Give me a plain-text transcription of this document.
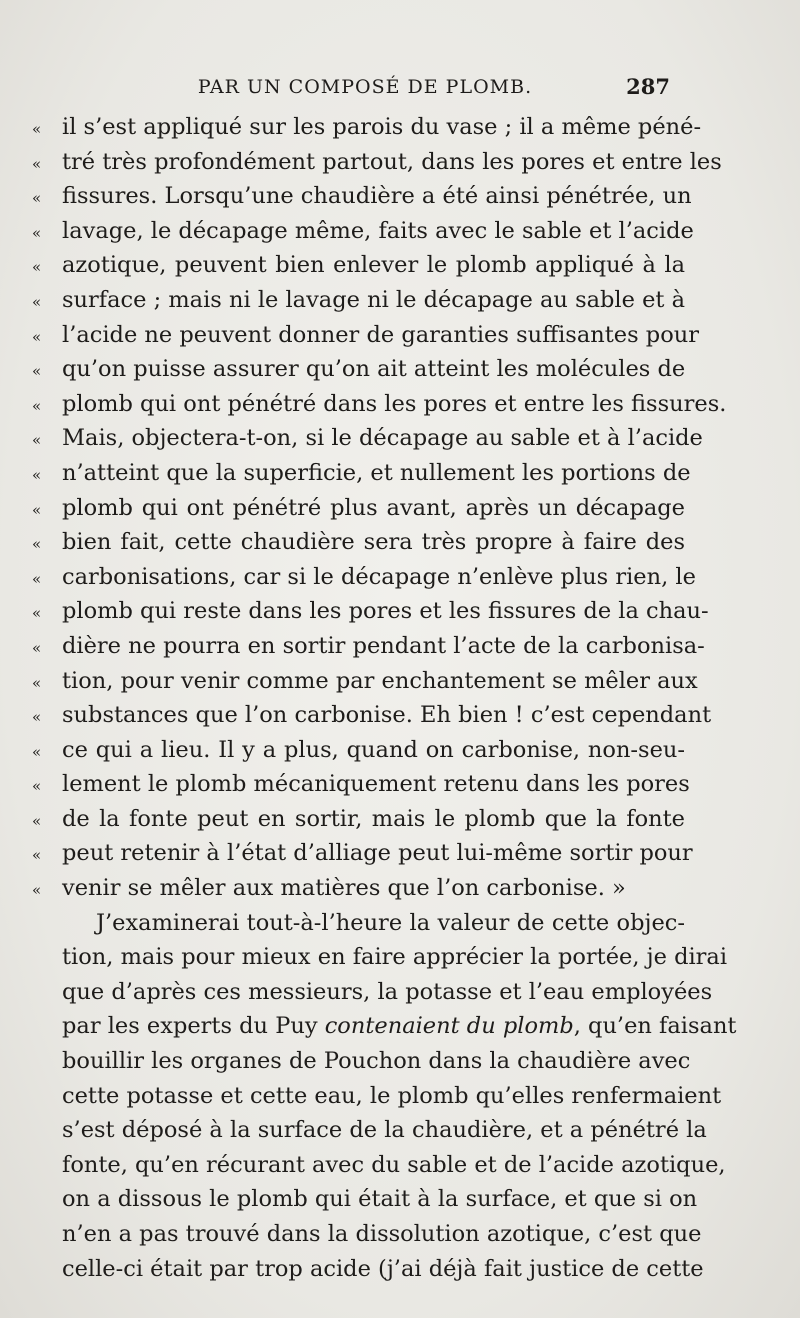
PAR UN COMPOSÉ DE PLOMB.	287
« il s’est appliqué sur les parois du vase ; il a même péné-
« tré très profondément partout, dans les pores et entre les
« fissures. Lorsqu’une chaudière a été ainsi pénétrée, un
« lavage, le décapage même, faits avec le sable et l’acide
« azotique, peuvent bien enlever le plomb appliqué à la
« surface ; mais ni le lavage ni le décapage au sable et à
« l’acide ne peuvent donner de garanties suffisantes pour
« qu’on puisse assurer qu’on ait atteint les molécules de
« plomb qui ont pénétré dans les pores et entre les fissures.
« Mais, objectera-t-on, si le décapage au sable et à l’acide
« n’atteint que la superficie, et nullement les portions de
« plomb qui ont pénétré plus avant, après un décapage
« bien fait, cette chaudière sera très propre à faire des
« carbonisations, car si le décapage n’enlève plus rien, le
« plomb qui reste dans les pores et les fissures de la chau-
« dière ne pourra en sortir pendant l’acte de la carbonisa-
« tion, pour venir comme par enchantement se mêler aux
« substances que l’on carbonise. Eh bien ! c’est cependant
« ce qui a lieu. Il y a plus, quand on carbonise, non-seu-
« lement le plomb mécaniquement retenu dans les pores
« de la fonte peut en sortir, mais le plomb que la fonte
« peut retenir à l’état d’alliage peut lui-même sortir pour
« venir se mêler aux matières que l’on carbonise. »
J’examinerai tout-à-l’heure la valeur de cette objec-
tion, mais pour mieux en faire apprécier la portée, je dirai
que d’après ces messieurs, la potasse et l’eau employées
par les experts du Puy contenaient du plomb, qu’en faisant
bouillir les organes de Pouchon dans la chaudière avec
cette potasse et cette eau, le plomb qu’elles renfermaient
s’est déposé à la surface de la chaudière, et a pénétré la
fonte, qu’en récurant avec du sable et de l’acide azotique,
on a dissous le plomb qui était à la surface, et que si on
n’en a pas trouvé dans la dissolution azotique, c’est que
celle-ci était par trop acide (j’ai déjà fait justice de cette
